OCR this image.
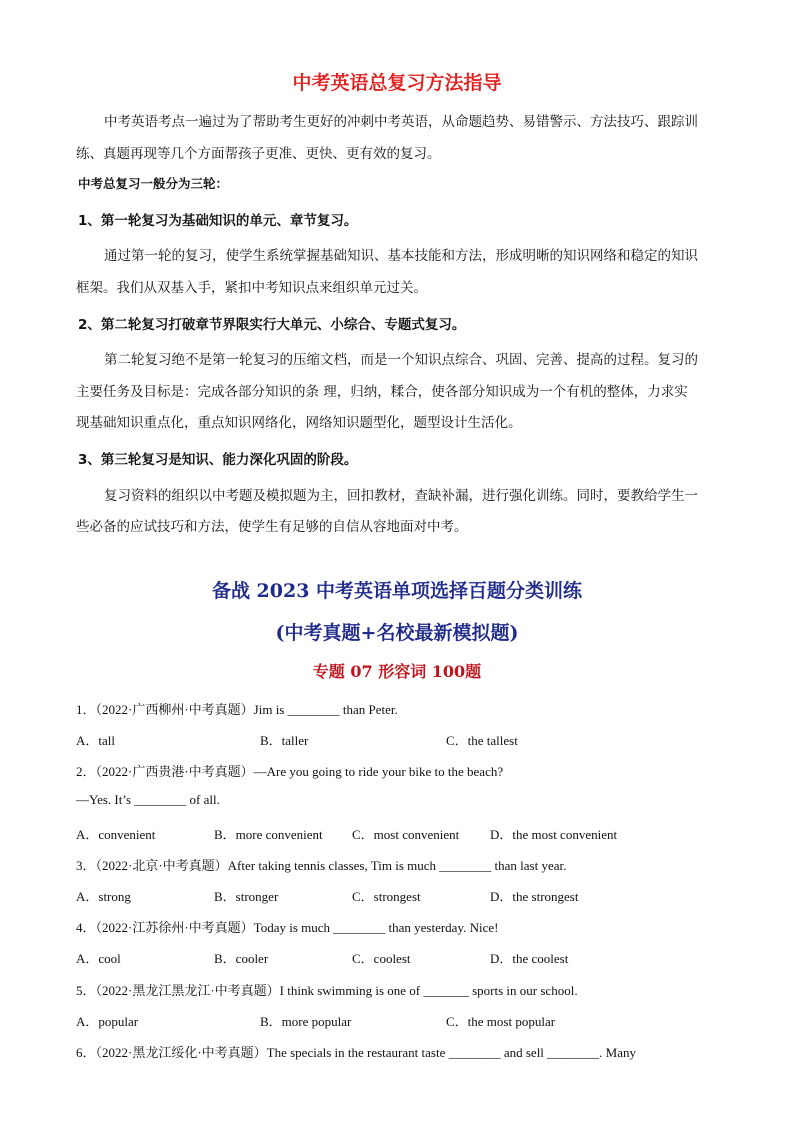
中考英语总复习方法指导
中考英语考点一遍过为了帮助考生更好的冲刺中考英语，从命题趋势、易错警示、方法技巧、跟踪训
练、真题再现等几个方面帮孩子更准、更快、更有效的复习。
中考总复习一般分为三轮：
1、第一轮复习为基础知识的单元、章节复习。
通过第一轮的复习，使学生系统掌握基础知识、基本技能和方法，形成明晰的知识网络和稳定的知识
框架。我们从双基入手，紧扣中考知识点来组织单元过关。
2、第二轮复习打破章节界限实行大单元、小综合、专题式复习。
第二轮复习绝不是第一轮复习的压缩文档，而是一个知识点综合、巩固、完善、提高的过程。复习的
主要任务及目标是：完成各部分知识的条 理，归纳，糅合，使各部分知识成为一个有机的整体，力求实
现基础知识重点化，重点知识网络化，网络知识题型化，题型设计生活化。
3、第三轮复习是知识、能力深化巩固的阶段。
复习资料的组织以中考题及模拟题为主，回扣教材，查缺补漏，进行强化训练。同时，要教给学生一
些必备的应试技巧和方法，使学生有足够的自信从容地面对中考。
备战 2023 中考英语单项选择百题分类训练
(中考真题+名校最新模拟题)
专题 07 形容词 100题
1．（2022·广西柳州·中考真题）Jim is ________ than Peter.
A．tall	B．taller	C．the tallest
2．（2022·广西贵港·中考真题）—Are you going to ride your bike to the beach?
—Yes. It’s ________ of all.
A．convenient	B．more convenient C．most convenient D．the most convenient
3．（2022·北京·中考真题）After taking tennis classes, Tim is much ________ than last year.
A．strong	B．stronger	C．strongest	D．the strongest
4．（2022·江苏徐州·中考真题）Today is much ________ than yesterday. Nice!
A．cool	B．cooler	C．coolest	D．the coolest
5．（2022·黑龙江黑龙江·中考真题）I think swimming is one of _______ sports in our school.
A．popular	B．more popular	C．the most popular
6．（2022·黑龙江绥化·中考真题）The specials in the restaurant taste ________ and sell ________. Many
